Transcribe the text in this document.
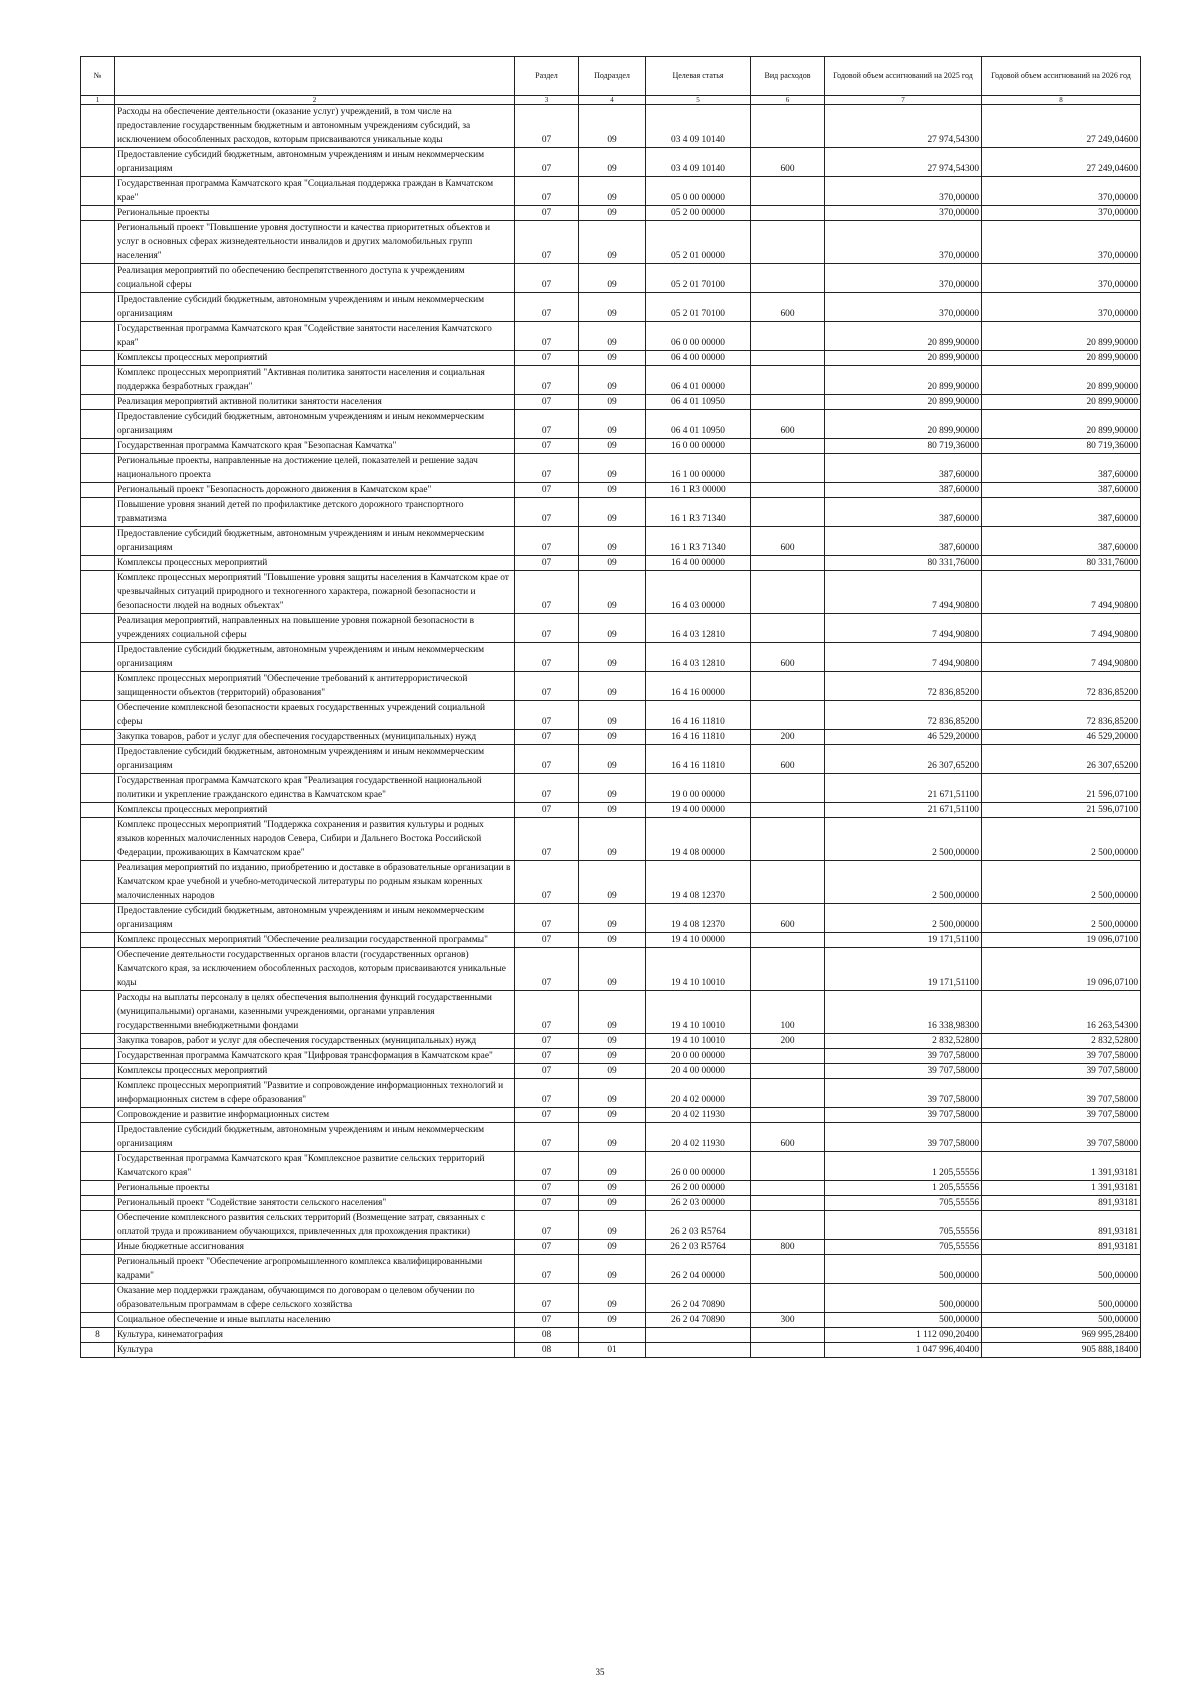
№		Раздел	Подраздел	Целевая статья	Вид расходов	Годовой объем ассигнований на 2025 год	Годовой объем ассигнований на 2026 год
1	2	3	4	5	6	7	8
	Расходы на обеспечение деятельности (оказание услуг) учреждений, в том числе на предоставление государственным бюджетным и автономным учреждениям субсидий, за исключением обособленных расходов, которым присваиваются уникальные коды	07	09	03 4 09 10140		27 974,54300	27 249,04600
	Предоставление субсидий бюджетным, автономным учреждениям и иным некоммерческим организациям	07	09	03 4 09 10140	600	27 974,54300	27 249,04600
	Государственная программа Камчатского края "Социальная поддержка граждан в Камчатском крае"	07	09	05 0 00 00000		370,00000	370,00000
	Региональные проекты	07	09	05 2 00 00000		370,00000	370,00000
	Региональный проект "Повышение уровня доступности и качества приоритетных объектов и услуг в основных сферах жизнедеятельности инвалидов и других маломобильных групп населения"	07	09	05 2 01 00000		370,00000	370,00000
	Реализация мероприятий по обеспечению беспрепятственного доступа к учреждениям социальной сферы	07	09	05 2 01 70100		370,00000	370,00000
	Предоставление субсидий бюджетным, автономным учреждениям и иным некоммерческим организациям	07	09	05 2 01 70100	600	370,00000	370,00000
	Государственная программа Камчатского края "Содействие занятости населения Камчатского края"	07	09	06 0 00 00000		20 899,90000	20 899,90000
	Комплексы процессных мероприятий	07	09	06 4 00 00000		20 899,90000	20 899,90000
	Комплекс процессных мероприятий "Активная политика занятости населения и социальная поддержка безработных граждан"	07	09	06 4 01 00000		20 899,90000	20 899,90000
	Реализация мероприятий активной политики занятости населения	07	09	06 4 01 10950		20 899,90000	20 899,90000
	Предоставление субсидий бюджетным, автономным учреждениям и иным некоммерческим организациям	07	09	06 4 01 10950	600	20 899,90000	20 899,90000
	Государственная программа Камчатского края "Безопасная Камчатка"	07	09	16 0 00 00000		80 719,36000	80 719,36000
	Региональные проекты, направленные на достижение целей, показателей и решение задач национального проекта	07	09	16 1 00 00000		387,60000	387,60000
	Региональный проект "Безопасность дорожного движения в Камчатском крае"	07	09	16 1 R3 00000		387,60000	387,60000
	Повышение уровня знаний детей по профилактике детского дорожного транспортного травматизма	07	09	16 1 R3 71340		387,60000	387,60000
	Предоставление субсидий бюджетным, автономным учреждениям и иным некоммерческим организациям	07	09	16 1 R3 71340	600	387,60000	387,60000
	Комплексы процессных мероприятий	07	09	16 4 00 00000		80 331,76000	80 331,76000
	Комплекс процессных мероприятий "Повышение уровня защиты населения в Камчатском крае от чрезвычайных ситуаций природного и техногенного характера, пожарной безопасности и безопасности людей на водных объектах"	07	09	16 4 03 00000		7 494,90800	7 494,90800
	Реализация мероприятий, направленных на повышение уровня пожарной безопасности в учреждениях социальной сферы	07	09	16 4 03 12810		7 494,90800	7 494,90800
	Предоставление субсидий бюджетным, автономным учреждениям и иным некоммерческим организациям	07	09	16 4 03 12810	600	7 494,90800	7 494,90800
	Комплекс процессных мероприятий "Обеспечение требований к антитеррористической защищенности объектов (территорий) образования"	07	09	16 4 16 00000		72 836,85200	72 836,85200
	Обеспечение комплексной безопасности краевых государственных учреждений социальной сферы	07	09	16 4 16 11810		72 836,85200	72 836,85200
	Закупка товаров, работ и услуг для обеспечения государственных (муниципальных) нужд	07	09	16 4 16 11810	200	46 529,20000	46 529,20000
	Предоставление субсидий бюджетным, автономным учреждениям и иным некоммерческим организациям	07	09	16 4 16 11810	600	26 307,65200	26 307,65200
	Государственная программа Камчатского края "Реализация государственной национальной политики и укрепление гражданского единства в Камчатском крае"	07	09	19 0 00 00000		21 671,51100	21 596,07100
	Комплексы процессных мероприятий	07	09	19 4 00 00000		21 671,51100	21 596,07100
	Комплекс процессных мероприятий "Поддержка сохранения и развития культуры и родных языков коренных малочисленных народов Севера, Сибири и Дальнего Востока Российской Федерации, проживающих в Камчатском крае"	07	09	19 4 08 00000		2 500,00000	2 500,00000
	Реализация мероприятий по изданию, приобретению и доставке в образовательные организации в Камчатском крае учебной и учебно-методической литературы по родным языкам коренных малочисленных народов	07	09	19 4 08 12370		2 500,00000	2 500,00000
	Предоставление субсидий бюджетным, автономным учреждениям и иным некоммерческим организациям	07	09	19 4 08 12370	600	2 500,00000	2 500,00000
	Комплекс процессных мероприятий "Обеспечение реализации государственной программы"	07	09	19 4 10 00000		19 171,51100	19 096,07100
	Обеспечение деятельности государственных органов власти (государственных органов) Камчатского края, за исключением обособленных расходов, которым присваиваются уникальные коды	07	09	19 4 10 10010		19 171,51100	19 096,07100
	Расходы на выплаты персоналу в целях обеспечения выполнения функций государственными (муниципальными) органами, казенными учреждениями, органами управления государственными внебюджетными фондами	07	09	19 4 10 10010	100	16 338,98300	16 263,54300
	Закупка товаров, работ и услуг для обеспечения государственных (муниципальных) нужд	07	09	19 4 10 10010	200	2 832,52800	2 832,52800
	Государственная программа Камчатского края "Цифровая трансформация в Камчатском крае"	07	09	20 0 00 00000		39 707,58000	39 707,58000
	Комплексы процессных мероприятий	07	09	20 4 00 00000		39 707,58000	39 707,58000
	Комплекс процессных мероприятий "Развитие и сопровождение информационных технологий и информационных систем в сфере образования"	07	09	20 4 02 00000		39 707,58000	39 707,58000
	Сопровождение и развитие информационных систем	07	09	20 4 02 11930		39 707,58000	39 707,58000
	Предоставление субсидий бюджетным, автономным учреждениям и иным некоммерческим организациям	07	09	20 4 02 11930	600	39 707,58000	39 707,58000
	Государственная программа Камчатского края "Комплексное развитие сельских территорий Камчатского края"	07	09	26 0 00 00000		1 205,55556	1 391,93181
	Региональные проекты	07	09	26 2 00 00000		1 205,55556	1 391,93181
	Региональный проект "Содействие занятости сельского населения"	07	09	26 2 03 00000		705,55556	891,93181
	Обеспечение комплексного развития сельских территорий (Возмещение затрат, связанных с оплатой труда и проживанием обучающихся, привлеченных для прохождения практики)	07	09	26 2 03 R5764		705,55556	891,93181
	Иные бюджетные ассигнования	07	09	26 2 03 R5764	800	705,55556	891,93181
	Региональный проект "Обеспечение агропромышленного комплекса квалифицированными кадрами"	07	09	26 2 04 00000		500,00000	500,00000
	Оказание мер поддержки гражданам, обучающимся по договорам о целевом обучении по образовательным программам в сфере сельского хозяйства	07	09	26 2 04 70890		500,00000	500,00000
	Социальное обеспечение и иные выплаты населению	07	09	26 2 04 70890	300	500,00000	500,00000
8	Культура, кинематография	08				1 112 090,20400	969 995,28400
	Культура	08	01			1 047 996,40400	905 888,18400
35
